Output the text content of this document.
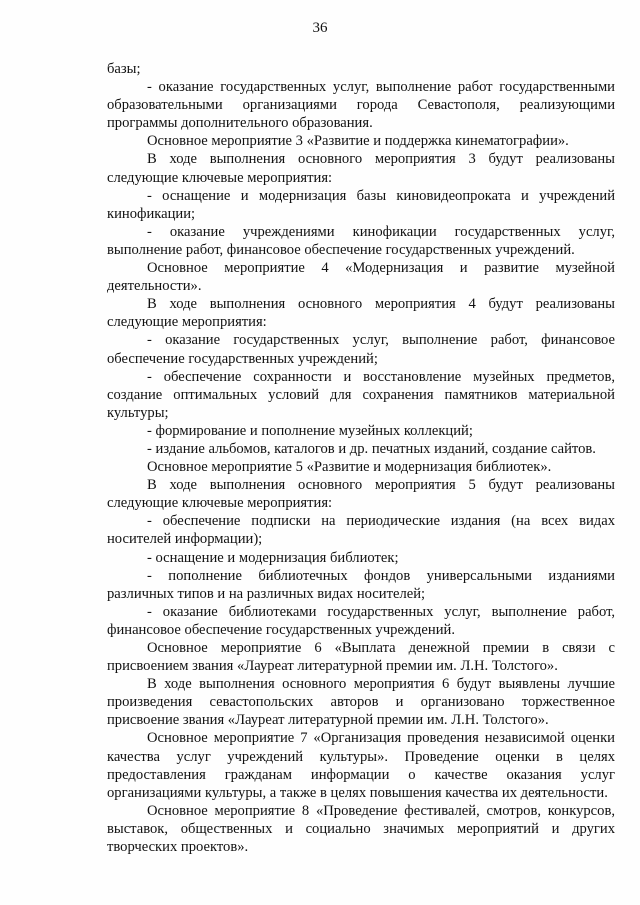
36

базы;

- оказание государственных услуг, выполнение работ государственными образовательными организациями города Севастополя, реализующими программы дополнительного образования.

Основное мероприятие 3 «Развитие и поддержка кинематографии».

В ходе выполнения основного мероприятия 3 будут реализованы следующие ключевые мероприятия:

- оснащение и модернизация базы киновидеопроката и учреждений кинофикации;

- оказание учреждениями кинофикации государственных услуг, выполнение работ, финансовое обеспечение государственных учреждений.

Основное мероприятие 4 «Модернизация и развитие музейной деятельности».

В ходе выполнения основного мероприятия 4 будут реализованы следующие мероприятия:

- оказание государственных услуг, выполнение работ, финансовое обеспечение государственных учреждений;

- обеспечение сохранности и восстановление музейных предметов, создание оптимальных условий для сохранения памятников материальной культуры;

- формирование и пополнение музейных коллекций;

- издание альбомов, каталогов и др. печатных изданий, создание сайтов.

Основное мероприятие 5 «Развитие и модернизация библиотек».

В ходе выполнения основного мероприятия 5 будут реализованы следующие ключевые мероприятия:

- обеспечение подписки на периодические издания (на всех видах носителей информации);

- оснащение и модернизация библиотек;

- пополнение библиотечных фондов универсальными изданиями различных типов и на различных видах носителей;

- оказание библиотеками государственных услуг, выполнение работ, финансовое обеспечение государственных учреждений.

Основное мероприятие 6 «Выплата денежной премии в связи с присвоением звания «Лауреат литературной премии им. Л.Н. Толстого».

В ходе выполнения основного мероприятия 6 будут выявлены лучшие произведения севастопольских авторов и организовано торжественное присвоение звания «Лауреат литературной премии им. Л.Н. Толстого».

Основное мероприятие 7 «Организация проведения независимой оценки качества услуг учреждений культуры». Проведение оценки в целях предоставления гражданам информации о качестве оказания услуг организациями культуры, а также в целях повышения качества их деятельности.

Основное мероприятие 8 «Проведение фестивалей, смотров, конкурсов, выставок, общественных и социально значимых мероприятий и других творческих проектов».
